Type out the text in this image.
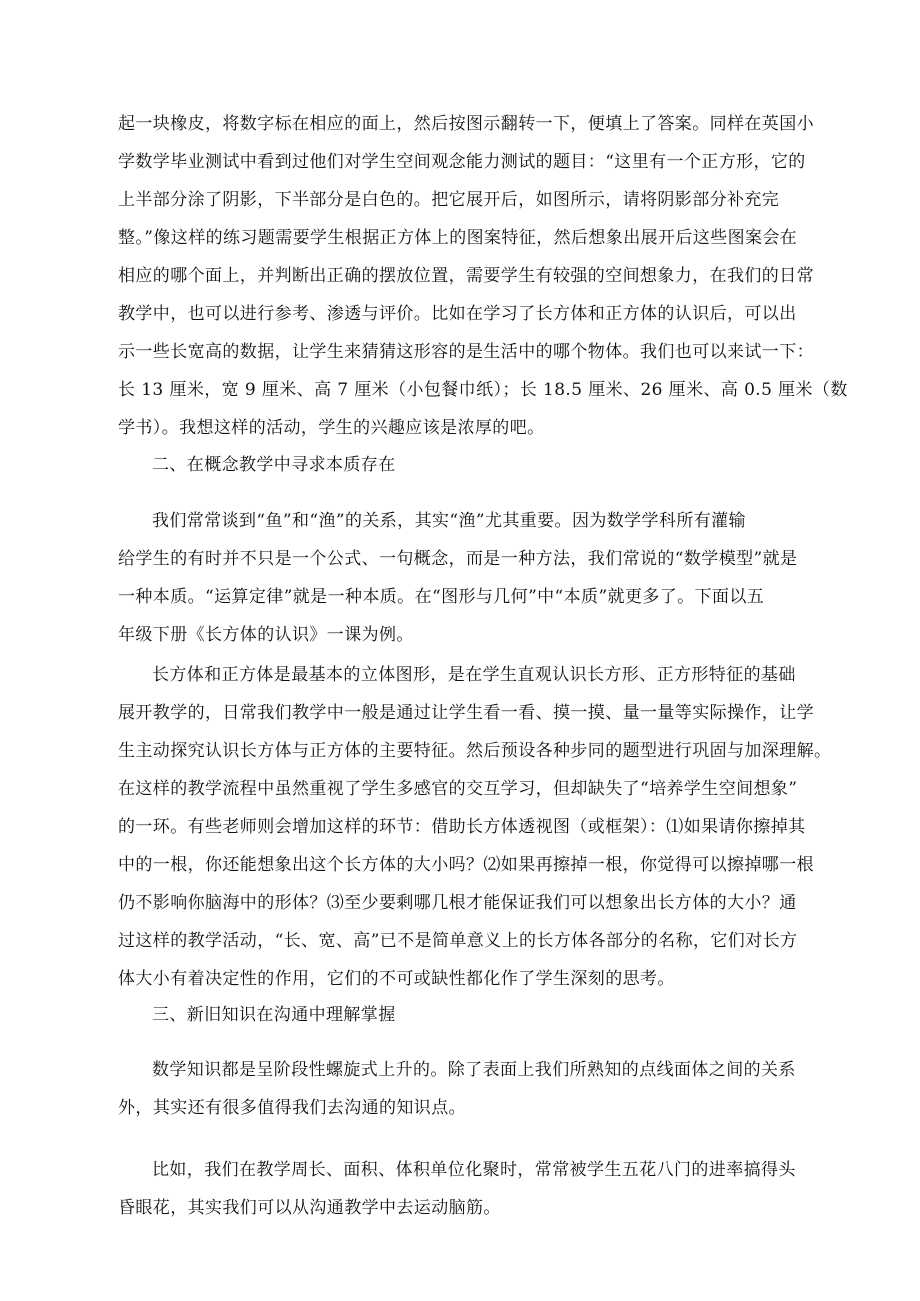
起一块橡皮，将数字标在相应的面上，然后按图示翻转一下，便填上了答案。同样在英国小
学数学毕业测试中看到过他们对学生空间观念能力测试的题目：“这里有一个正方形，它的
上半部分涂了阴影，下半部分是白色的。把它展开后，如图所示，请将阴影部分补充完
整。”像这样的练习题需要学生根据正方体上的图案特征，然后想象出展开后这些图案会在
相应的哪个面上，并判断出正确的摆放位置，需要学生有较强的空间想象力，在我们的日常
教学中，也可以进行参考、渗透与评价。比如在学习了长方体和正方体的认识后，可以出
示一些长宽高的数据，让学生来猜猜这形容的是生活中的哪个物体。我们也可以来试一下：
长 13 厘米，宽 9 厘米、高 7 厘米（小包餐巾纸）；长 18.5 厘米、26 厘米、高 0.5 厘米（数
学书）。我想这样的活动，学生的兴趣应该是浓厚的吧。
二、在概念教学中寻求本质存在
我们常常谈到“鱼”和“渔”的关系，其实“渔”尤其重要。因为数学学科所有灌输
给学生的有时并不只是一个公式、一句概念，而是一种方法，我们常说的“数学模型”就是
一种本质。“运算定律”就是一种本质。在“图形与几何”中“本质”就更多了。下面以五
年级下册《长方体的认识》一课为例。
长方体和正方体是最基本的立体图形，是在学生直观认识长方形、正方形特征的基础
展开教学的，日常我们教学中一般是通过让学生看一看、摸一摸、量一量等实际操作，让学
生主动探究认识长方体与正方体的主要特征。然后预设各种步同的题型进行巩固与加深理解。
在这样的教学流程中虽然重视了学生多感官的交互学习，但却缺失了“培养学生空间想象”
的一环。有些老师则会增加这样的环节：借助长方体透视图（或框架）：⑴如果请你擦掉其
中的一根，你还能想象出这个长方体的大小吗？⑵如果再擦掉一根，你觉得可以擦掉哪一根
仍不影响你脑海中的形体？⑶至少要剩哪几根才能保证我们可以想象出长方体的大小？通
过这样的教学活动，“长、宽、高”已不是简单意义上的长方体各部分的名称，它们对长方
体大小有着决定性的作用，它们的不可或缺性都化作了学生深刻的思考。
三、新旧知识在沟通中理解掌握
数学知识都是呈阶段性螺旋式上升的。除了表面上我们所熟知的点线面体之间的关系
外，其实还有很多值得我们去沟通的知识点。
比如，我们在教学周长、面积、体积单位化聚时，常常被学生五花八门的进率搞得头
昏眼花，其实我们可以从沟通教学中去运动脑筋。
